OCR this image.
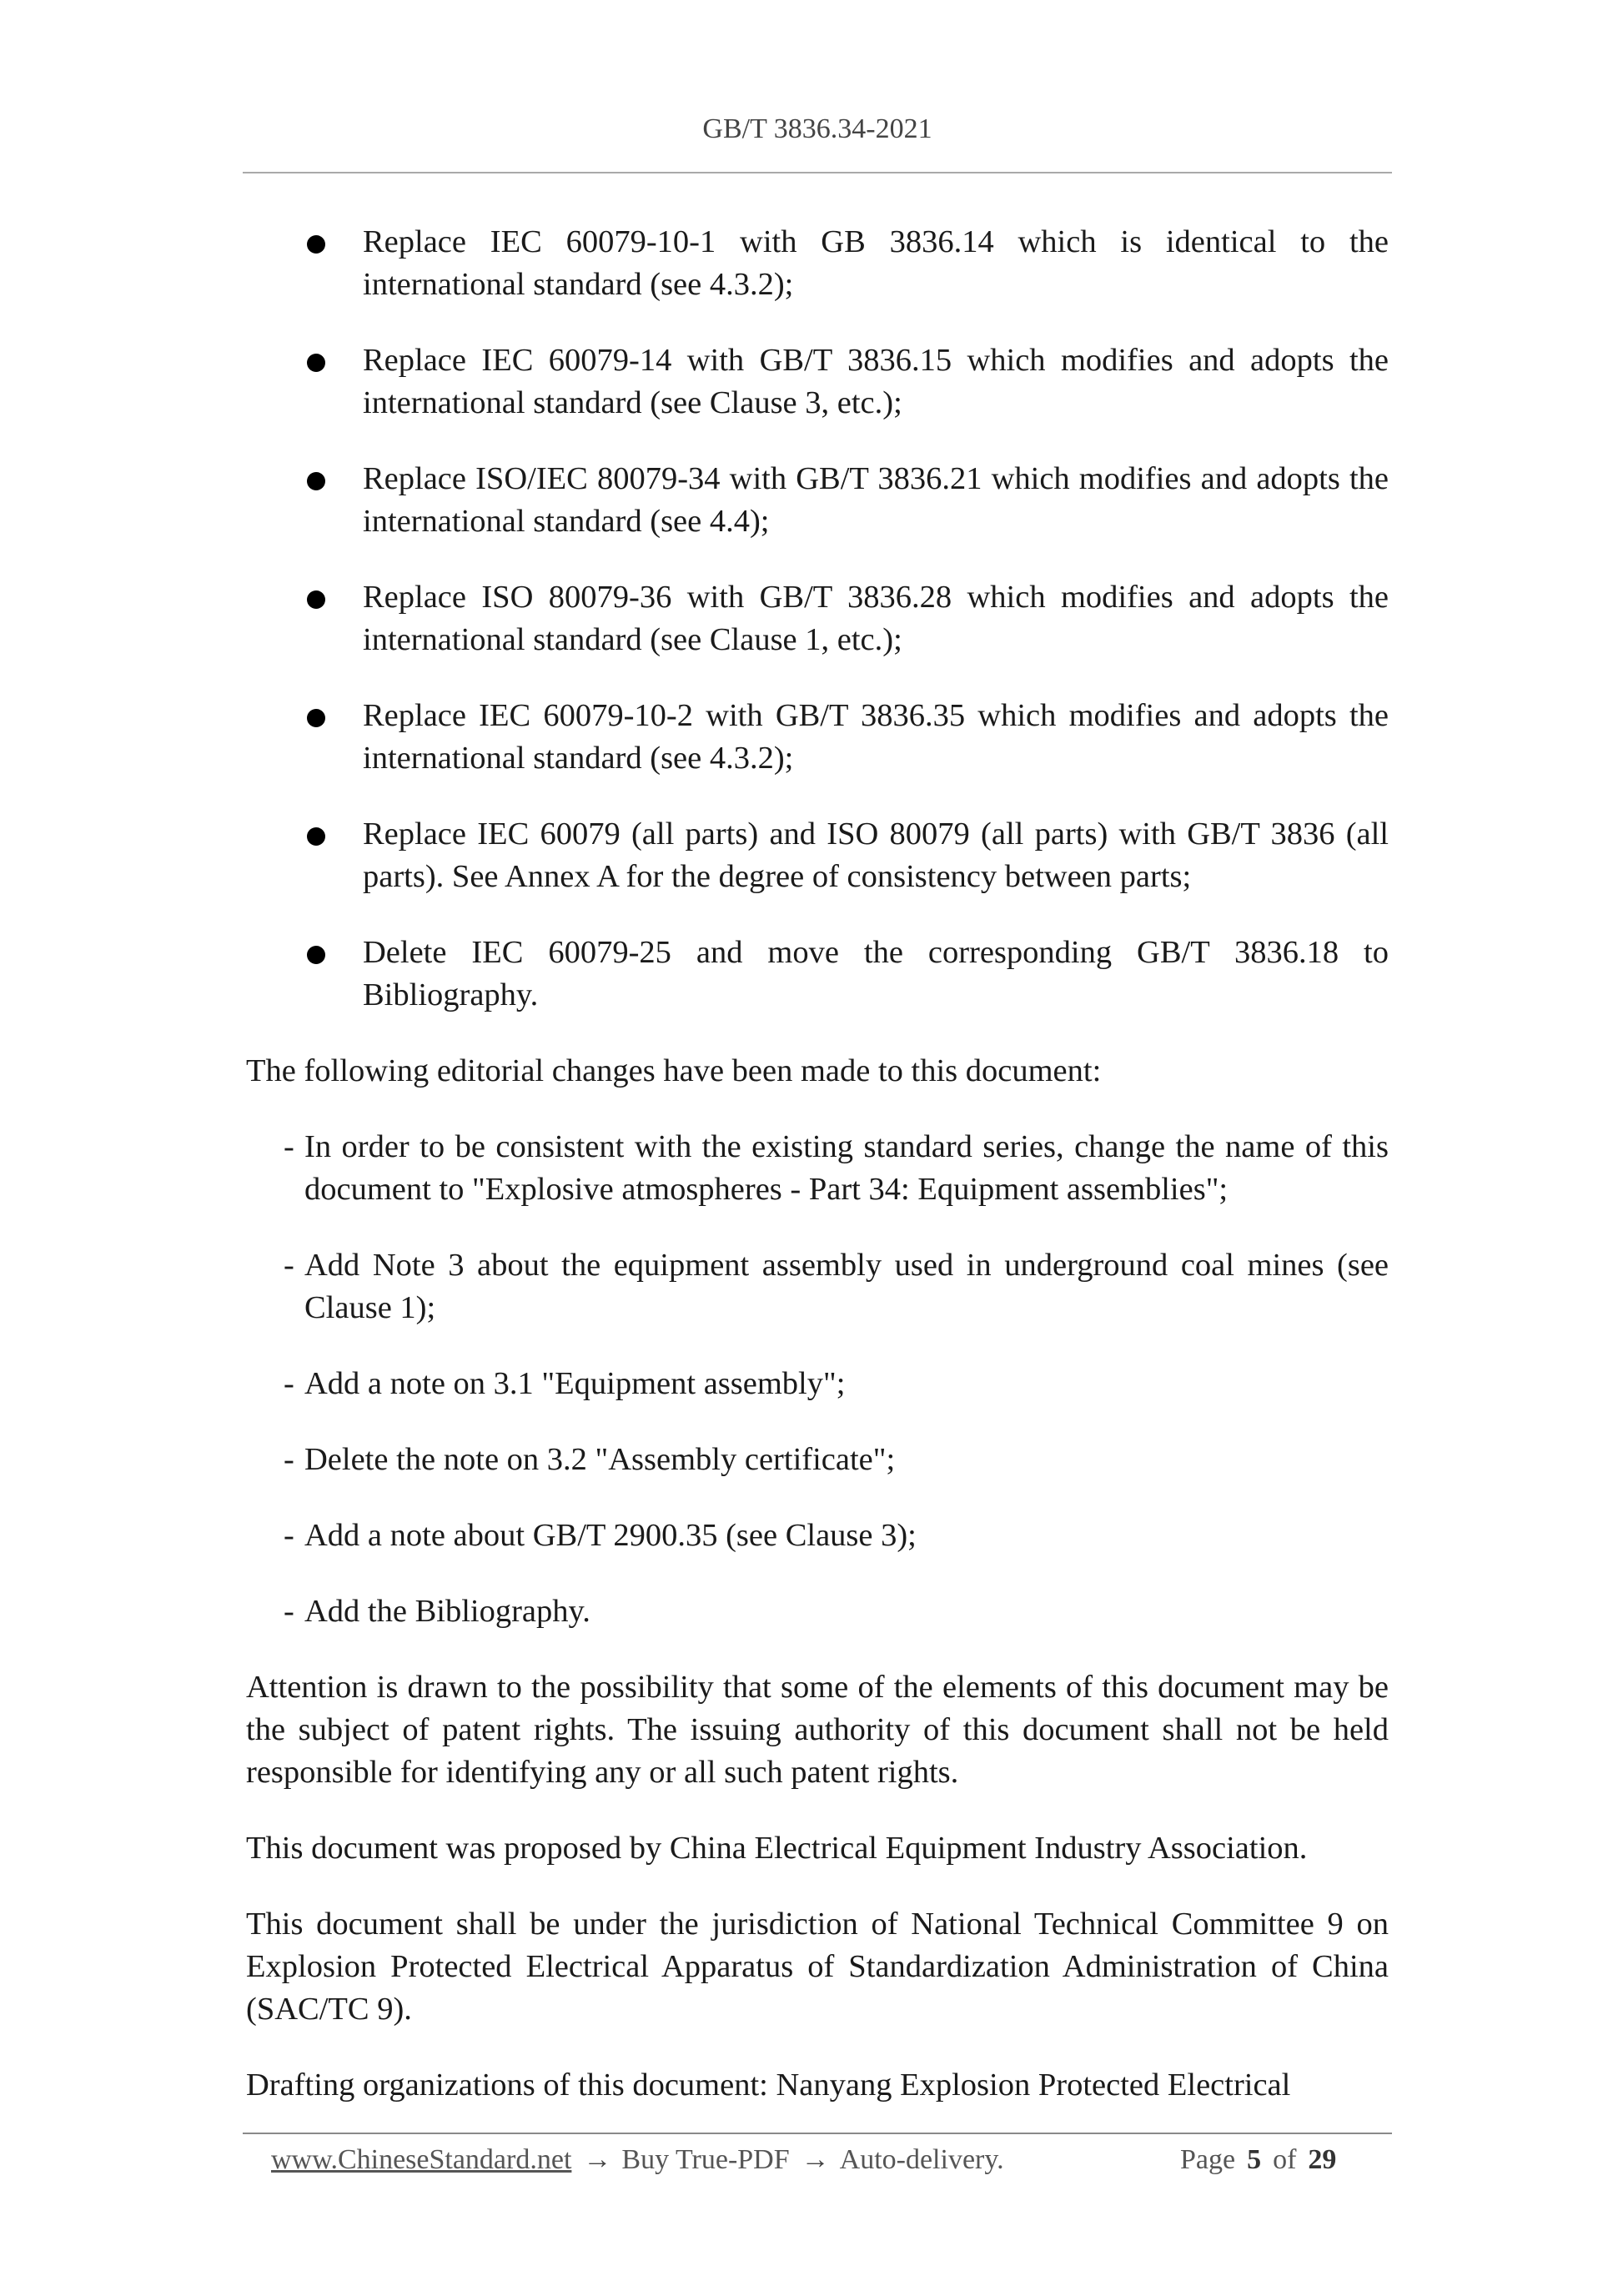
GB/T 3836.34-2021
Replace IEC 60079-10-1 with GB 3836.14 which is identical to the international standard (see 4.3.2);
Replace IEC 60079-14 with GB/T 3836.15 which modifies and adopts the international standard (see Clause 3, etc.);
Replace ISO/IEC 80079-34 with GB/T 3836.21 which modifies and adopts the international standard (see 4.4);
Replace ISO 80079-36 with GB/T 3836.28 which modifies and adopts the international standard (see Clause 1, etc.);
Replace IEC 60079-10-2 with GB/T 3836.35 which modifies and adopts the international standard (see 4.3.2);
Replace IEC 60079 (all parts) and ISO 80079 (all parts) with GB/T 3836 (all parts). See Annex A for the degree of consistency between parts;
Delete IEC 60079-25 and move the corresponding GB/T 3836.18 to Bibliography.

The following editorial changes have been made to this document:

- In order to be consistent with the existing standard series, change the name of this document to "Explosive atmospheres - Part 34: Equipment assemblies";
- Add Note 3 about the equipment assembly used in underground coal mines (see Clause 1);
- Add a note on 3.1 "Equipment assembly";
- Delete the note on 3.2 "Assembly certificate";
- Add a note about GB/T 2900.35 (see Clause 3);
- Add the Bibliography.

Attention is drawn to the possibility that some of the elements of this document may be the subject of patent rights. The issuing authority of this document shall not be held responsible for identifying any or all such patent rights.

This document was proposed by China Electrical Equipment Industry Association.

This document shall be under the jurisdiction of National Technical Committee 9 on Explosion Protected Electrical Apparatus of Standardization Administration of China (SAC/TC 9).

Drafting organizations of this document: Nanyang Explosion Protected Electrical

www.ChineseStandard.net → Buy True-PDF → Auto-delivery.	Page 5 of 29
